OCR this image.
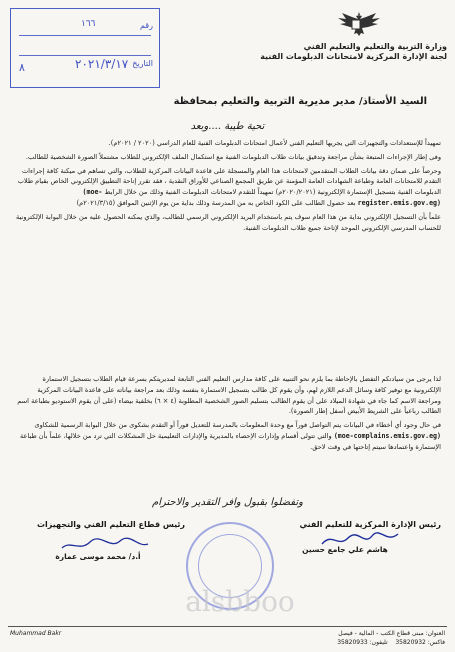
وزارة التربية والتعليم والتعليم الفني
لجنة الإدارة المركزية لامتحانات الدبلومات الفنية
رقم
١٦٦
التاريخ
٢٠٢١/٣/١٧
٨
السيد الأستاذ/ مدير مديرية التربية والتعليم بمحافظة
تحية طيبة ....وبعد

تمهيداً للإستعدادات والتجهيزات التي يجريها التعليم الفني لأعمال امتحانات الدبلومات الفنية للعام الدراسي (٢٠٢٠ / ٢٠٢١م).

وفى إطار الإجراءات المتبعة بشأن مراجعة وتدقيق بيانات طلاب الدبلومات الفنية مع استكمال الملف الإلكتروني للطلاب مشتملاً الصورة الشخصية للطالب.

وحرصاً على ضمان دقة بيانات الطلاب المتقدمين لامتحانات هذا العام والمسجلة على قاعدة البيانات المركزية للطلاب، والتي تساهم في ميكنة كافة إجراءات التقدم للامتحانات العامة وطباعة الشهادات العامة المؤمنة عن طريق المجمع الصناعي للأوراق النقدية ، فقد تقرر إتاحة التطبيق الإلكتروني الخاص بقيام طلاب الدبلومات الفنية بتسجيل الإستمارة الإلكترونية (٢٠٢٠/٢٠٢١م) تمهيداً للتقدم لامتحانات الدبلومات الفنية وذلك من خلال الرابط (moe-register.emis.gov.eg) بعد حصول الطالب على الكود الخاص به من المدرسة وذلك بداية من يوم الإثنين الموافق (٢٠٢١/٣/١٥م)

علماً بأن التسجيل الإلكتروني بداية من هذا العام سوف يتم باستخدام البريد الإلكتروني الرسمي للطالب، والذي يمكنه الحصول عليه من خلال البوابة الإلكترونية للحساب المدرسي الإلكتروني الموحد لإتاحة جميع طلاب الدبلومات الفنية.

لذا يرجى من سيادتكم التفضل بالإحاطة بما يلزم نحو التنبيه على كافة مدارس التعليم الفني التابعة لمديريتكم بسرعة قيام الطلاب بتسجيل الاستمارة الإلكترونية مع توفير كافة وسائل الدعم اللازم لهم، وأن يقوم كل طالب بتسجيل الاستمارة بنفسه وذلك بعد مراجعة بياناته على قاعدة البيانات المركزية ومراجعة الاسم كما جاء في شهادة الميلاد على أن يقوم الطالب بتسليم الصور الشخصية المطلوبة (٤ × ٦) بخلفية بيضاء (على أن يقوم الاستوديو بطباعة اسم الطالب رباعياً على الشريط الأبيض أسفل إطار الصورة).

في حال وجود أي أخطاء في البيانات يتم التواصل فوراً مع وحدة المعلومات بالمدرسة للتعديل فوراً أو التقدم بشكوى من خلال البوابة الرسمية للشكاوى (moe-complains.emis.gov.eg) والتي تتولى أقسام وإدارات الإحصاء بالمديرية والإدارات التعليمية حل المشكلات التي ترد من خلالها، علماً بأن طباعة الإستمارة واعتمادها سيتم إتاحتها في وقت لاحق.

وتفضلوا بقبول وافر التقدير والاحترام
رئيس الإدارة المركزية للتعليم الفني
هاشم علي جامع حسين
رئيس قطاع التعليم الفني والتجهيزات
أ.د/ محمد موسى عمارة
alsbboo
Muhammad Bakr	العنوان: مبنى قطاع الكتب - المالية - فيصل
فاكس: 35820932    تليفون: 35820933
